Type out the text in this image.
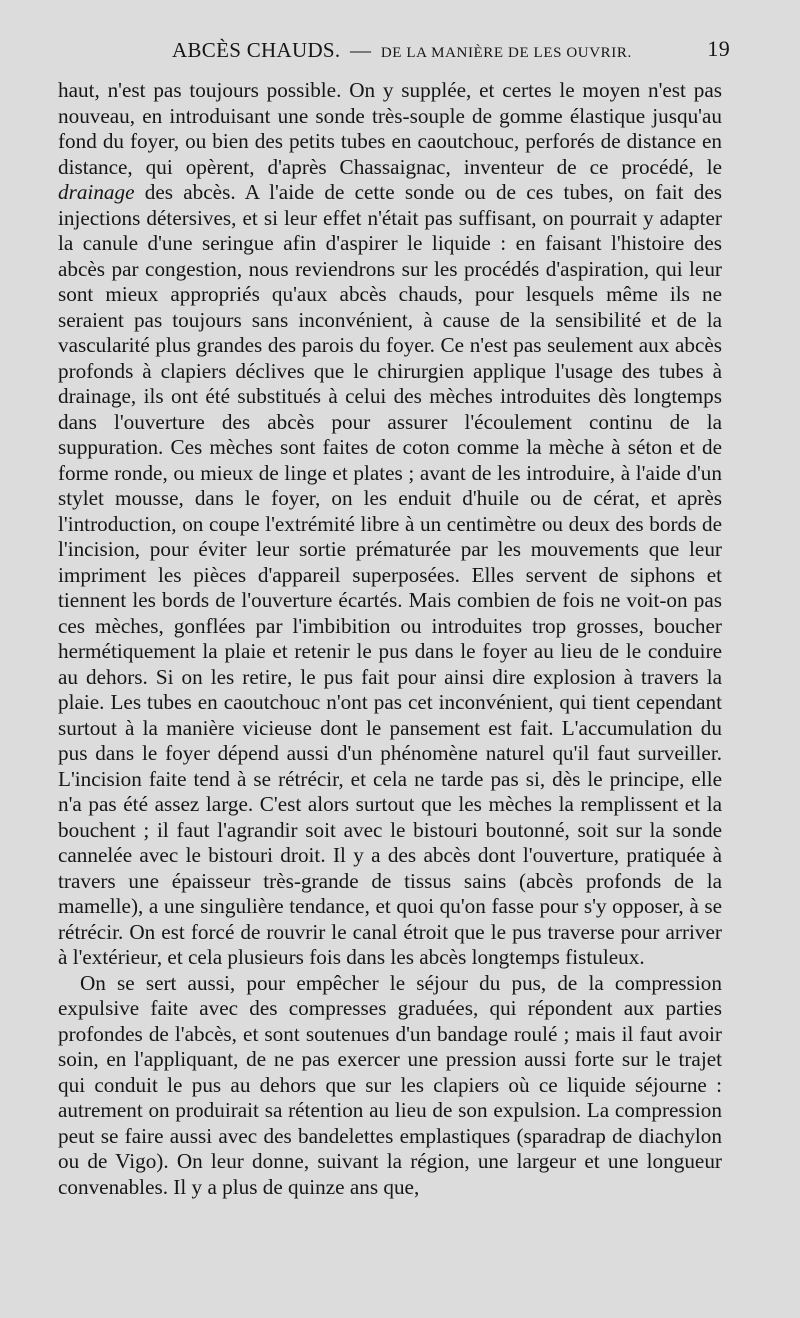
ABCÈS CHAUDS. — DE LA MANIÈRE DE LES OUVRIR.	19

haut, n'est pas toujours possible. On y supplée, et certes le moyen n'est pas nouveau, en introduisant une sonde très-souple de gomme élastique jusqu'au fond du foyer, ou bien des petits tubes en caoutchouc, perforés de distance en distance, qui opèrent, d'après Chassaignac, inventeur de ce procédé, le drainage des abcès. A l'aide de cette sonde ou de ces tubes, on fait des injections détersives, et si leur effet n'était pas suffisant, on pourrait y adapter la canule d'une seringue afin d'aspirer le liquide : en faisant l'histoire des abcès par congestion, nous reviendrons sur les procédés d'aspiration, qui leur sont mieux appropriés qu'aux abcès chauds, pour lesquels même ils ne seraient pas toujours sans inconvénient, à cause de la sensibilité et de la vascularité plus grandes des parois du foyer. Ce n'est pas seulement aux abcès profonds à clapiers déclives que le chirurgien applique l'usage des tubes à drainage, ils ont été substitués à celui des mèches introduites dès longtemps dans l'ouverture des abcès pour assurer l'écoulement continu de la suppuration. Ces mèches sont faites de coton comme la mèche à séton et de forme ronde, ou mieux de linge et plates ; avant de les introduire, à l'aide d'un stylet mousse, dans le foyer, on les enduit d'huile ou de cérat, et après l'introduction, on coupe l'extrémité libre à un centimètre ou deux des bords de l'incision, pour éviter leur sortie prématurée par les mouvements que leur impriment les pièces d'appareil superposées. Elles servent de siphons et tiennent les bords de l'ouverture écartés. Mais combien de fois ne voit-on pas ces mèches, gonflées par l'imbibition ou introduites trop grosses, boucher hermétiquement la plaie et retenir le pus dans le foyer au lieu de le conduire au dehors. Si on les retire, le pus fait pour ainsi dire explosion à travers la plaie. Les tubes en caoutchouc n'ont pas cet inconvénient, qui tient cependant surtout à la manière vicieuse dont le pansement est fait. L'accumulation du pus dans le foyer dépend aussi d'un phénomène naturel qu'il faut surveiller. L'incision faite tend à se rétrécir, et cela ne tarde pas si, dès le principe, elle n'a pas été assez large. C'est alors surtout que les mèches la remplissent et la bouchent ; il faut l'agrandir soit avec le bistouri boutonné, soit sur la sonde cannelée avec le bistouri droit. Il y a des abcès dont l'ouverture, pratiquée à travers une épaisseur très-grande de tissus sains (abcès profonds de la mamelle), a une singulière tendance, et quoi qu'on fasse pour s'y opposer, à se rétrécir. On est forcé de rouvrir le canal étroit que le pus traverse pour arriver à l'extérieur, et cela plusieurs fois dans les abcès longtemps fistuleux.

On se sert aussi, pour empêcher le séjour du pus, de la compression expulsive faite avec des compresses graduées, qui répondent aux parties profondes de l'abcès, et sont soutenues d'un bandage roulé ; mais il faut avoir soin, en l'appliquant, de ne pas exercer une pression aussi forte sur le trajet qui conduit le pus au dehors que sur les clapiers où ce liquide séjourne : autrement on produirait sa rétention au lieu de son expulsion. La compression peut se faire aussi avec des bandelettes emplastiques (sparadrap de diachylon ou de Vigo). On leur donne, suivant la région, une largeur et une longueur convenables. Il y a plus de quinze ans que,
